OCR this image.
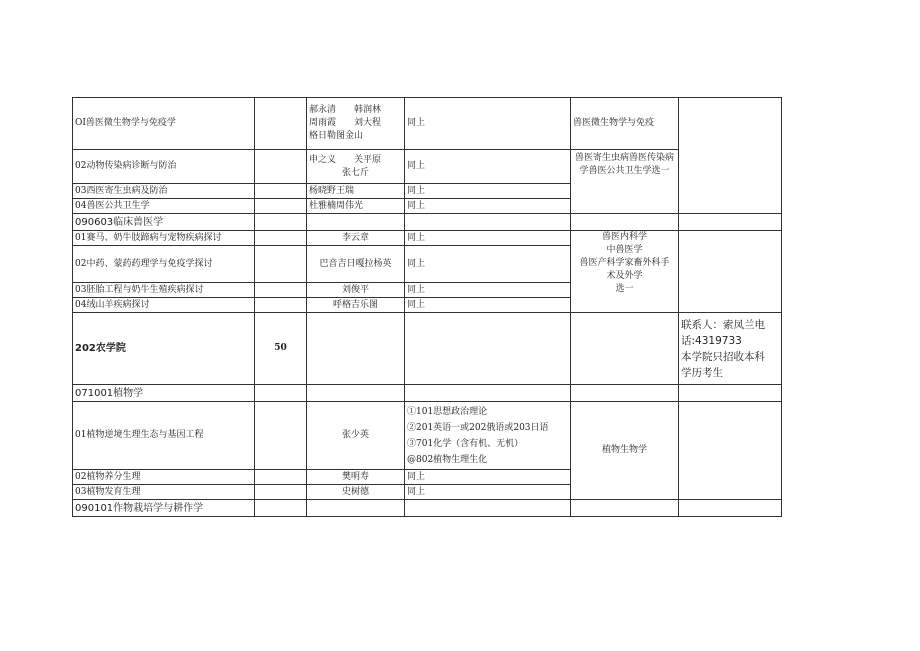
OI兽医微生物学与免疫学		郝永清　　韩润林
周雨霞　　刘大程
格日勒图金山	同上	兽医微生物学与免疫	
02动物传染病诊断与防治		申之义　　关平原
张七斤	同上	兽医寄生虫病兽医传染病学兽医公共卫生学选一	
03西医寄生虫病及防治		杨晓野王瑞	同上		
04兽医公共卫生学		杜雅楠周伟光	同上		
090603临床兽医学					
01赛马、奶牛肢蹄病与宠物疾病探讨		李云章	同上	兽医内科学
中兽医学
兽医产科学家畜外科手
术及外学
选一	

02中药、蒙药药理学与免疫学探讨		巴音吉日嘎拉杨英	同上		
03胚胎工程与奶牛生殖疾病探讨		刘俊平	同上		
04绒山羊疾病探讨		呼格吉乐图	同上		
202农学院	50				联系人：索凤兰电
话:4319733
本学院只招收本科
学历考生

071001植物学					
01植物逆境生理生态与基因工程		张少英	①101思想政治理论
②201英语一或202俄语或203日语
③701化学（含有机、无机）
@802植物生理生化	植物生物学	
02植物养分生理		樊明寿	同上		
03植物发育生理		史树德	同上		
090101作物栽培学与耕作学					
